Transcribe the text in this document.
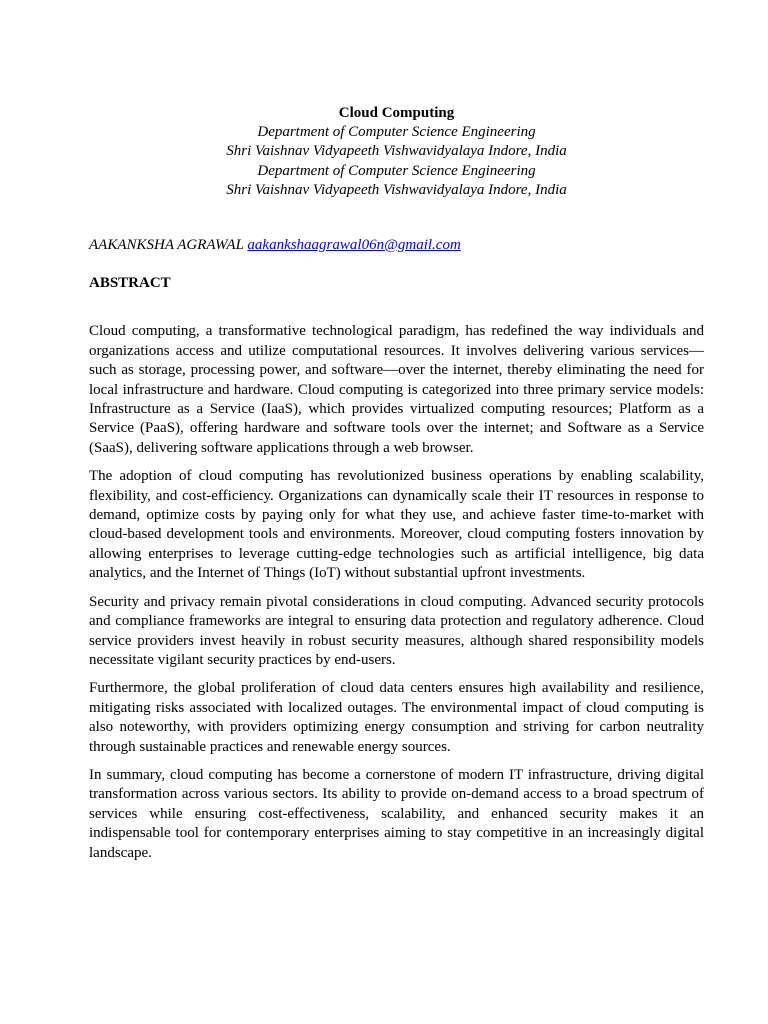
Cloud Computing
Department of Computer Science Engineering
Shri Vaishnav Vidyapeeth Vishwavidyalaya Indore, India
Department of Computer Science Engineering
Shri Vaishnav Vidyapeeth Vishwavidyalaya Indore, India
AAKANKSHA AGRAWAL aakankshaagrawal06n@gmail.com
ABSTRACT

Cloud computing, a transformative technological paradigm, has redefined the way individuals and organizations access and utilize computational resources. It involves delivering various services—such as storage, processing power, and software—over the internet, thereby eliminating the need for local infrastructure and hardware. Cloud computing is categorized into three primary service models: Infrastructure as a Service (IaaS), which provides virtualized computing resources; Platform as a Service (PaaS), offering hardware and software tools over the internet; and Software as a Service (SaaS), delivering software applications through a web browser.

The adoption of cloud computing has revolutionized business operations by enabling scalability, flexibility, and cost-efficiency. Organizations can dynamically scale their IT resources in response to demand, optimize costs by paying only for what they use, and achieve faster time-to-market with cloud-based development tools and environments. Moreover, cloud computing fosters innovation by allowing enterprises to leverage cutting-edge technologies such as artificial intelligence, big data analytics, and the Internet of Things (IoT) without substantial upfront investments.

Security and privacy remain pivotal considerations in cloud computing. Advanced security protocols and compliance frameworks are integral to ensuring data protection and regulatory adherence. Cloud service providers invest heavily in robust security measures, although shared responsibility models necessitate vigilant security practices by end-users.

Furthermore, the global proliferation of cloud data centers ensures high availability and resilience, mitigating risks associated with localized outages. The environmental impact of cloud computing is also noteworthy, with providers optimizing energy consumption and striving for carbon neutrality through sustainable practices and renewable energy sources.

In summary, cloud computing has become a cornerstone of modern IT infrastructure, driving digital transformation across various sectors. Its ability to provide on-demand access to a broad spectrum of services while ensuring cost-effectiveness, scalability, and enhanced security makes it an indispensable tool for contemporary enterprises aiming to stay competitive in an increasingly digital landscape.
